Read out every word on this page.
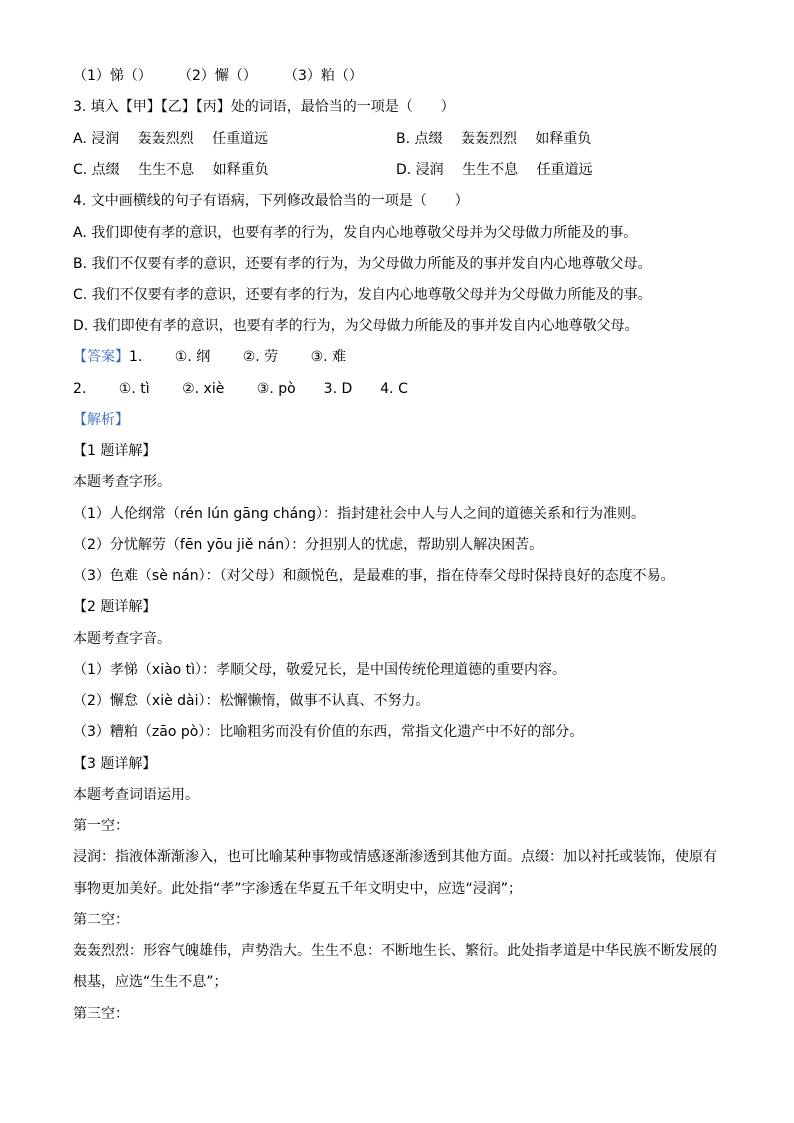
（1）悌（） （2）懈（） （3）粕（）
3. 填入【甲】【乙】【丙】处的词语，最恰当的一项是（　　）
A. 浸润　 轰轰烈烈　 任重道远	B. 点缀　 轰轰烈烈　 如释重负
C. 点缀　 生生不息　 如释重负	D. 浸润　 生生不息　 任重道远
4. 文中画横线的句子有语病，下列修改最恰当的一项是（　　）
A. 我们即使有孝的意识，也要有孝的行为，发自内心地尊敬父母并为父母做力所能及的事。
B. 我们不仅要有孝的意识，还要有孝的行为，为父母做力所能及的事并发自内心地尊敬父母。
C. 我们不仅要有孝的意识，还要有孝的行为，发自内心地尊敬父母并为父母做力所能及的事。
D. 我们即使有孝的意识，也要有孝的行为，为父母做力所能及的事并发自内心地尊敬父母。
【答案】1.　　 ①. 纲　　 ②. 劳　　 ③. 难
2.　　 ①. tì　　 ②. xiè　　 ③. pò　　3. D　　4. C
【解析】
【1 题详解】
本题考查字形。
（1）人伦纲常（rén lún gāng cháng）：指封建社会中人与人之间的道德关系和行为准则。
（2）分忧解劳（fēn yōu jiě nán）：分担别人的忧虑，帮助别人解决困苦。
（3）色难（sè nán）：（对父母）和颜悦色，是最难的事，指在侍奉父母时保持良好的态度不易。
【2 题详解】
本题考查字音。
（1）孝悌（xiào tì）：孝顺父母，敬爱兄长，是中国传统伦理道德的重要内容。
（2）懈怠（xiè dài）：松懈懒惰，做事不认真、不努力。
（3）糟粕（zāo pò）：比喻粗劣而没有价值的东西，常指文化遗产中不好的部分。
【3 题详解】
本题考查词语运用。
第一空：
浸润：指液体渐渐渗入，也可比喻某种事物或情感逐渐渗透到其他方面。点缀：加以衬托或装饰，使原有
事物更加美好。此处指“孝”字渗透在华夏五千年文明史中，应选“浸润”；
第二空：
轰轰烈烈：形容气魄雄伟，声势浩大。生生不息：不断地生长、繁衍。此处指孝道是中华民族不断发展的
根基，应选“生生不息”；
第三空：
